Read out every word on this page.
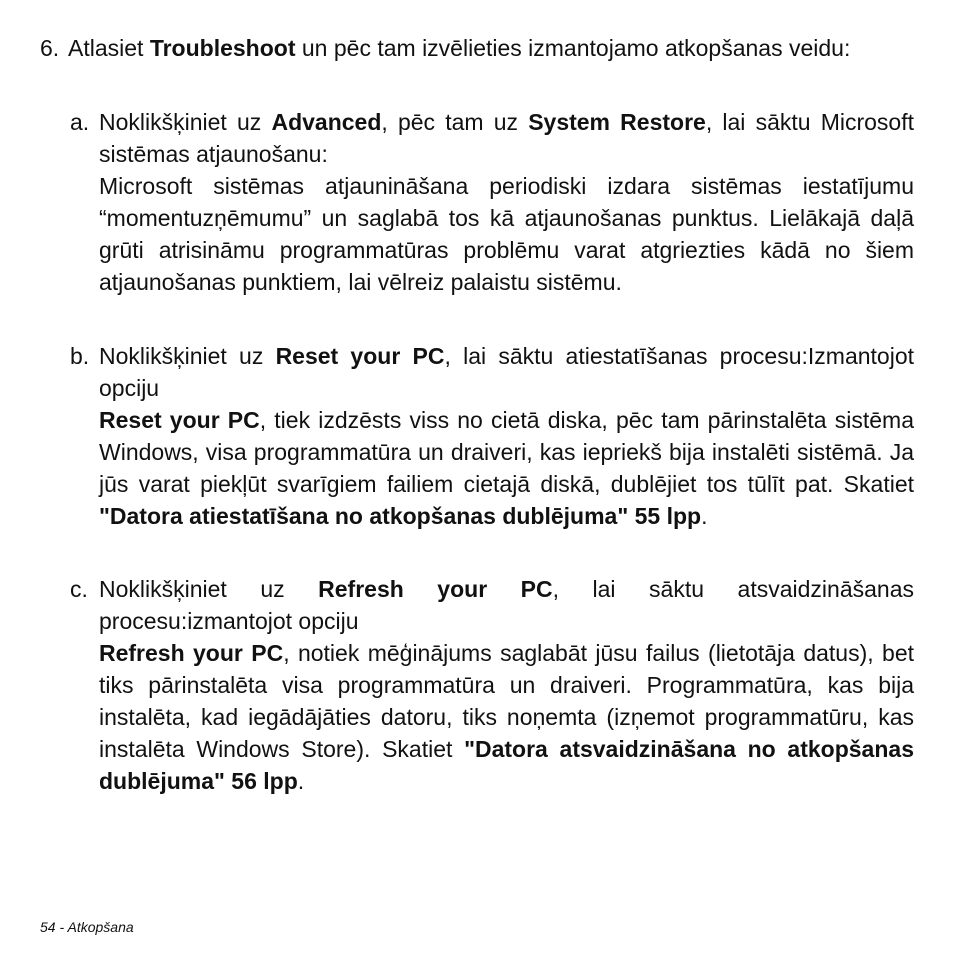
6. Atlasiet Troubleshoot un pēc tam izvēlieties izmantojamo atkopšanas veidu:
a. Noklikšķiniet uz Advanced, pēc tam uz System Restore, lai sāktu Microsoft sistēmas atjaunošanu:
Microsoft sistēmas atjaunināšana periodiski izdara sistēmas iestatījumu “momentuzņēmumu” un saglabā tos kā atjaunošanas punktus. Lielākajā daļā grūti atrisināmu programmatūras problēmu varat atgriezties kādā no šiem atjaunošanas punktiem, lai vēlreiz palaistu sistēmu.
b. Noklikšķiniet uz Reset your PC, lai sāktu atiestatīšanas procesu:Izmantojot opciju
Reset your PC, tiek izdzēsts viss no cietā diska, pēc tam pārinstalēta sistēma Windows, visa programmatūra un draiveri, kas iepriekš bija instalēti sistēmā. Ja jūs varat piekļūt svarīgiem failiem cietajā diskā, dublējiet tos tūlīt pat. Skatiet "Datora atiestatīšana no atkopšanas dublējuma" 55 lpp.
c. Noklikšķiniet uz Refresh your PC, lai sāktu atsvaidzināšanas procesu:izmantojot opciju
Refresh your PC, notiek mēģinājums saglabāt jūsu failus (lietotāja datus), bet tiks pārinstalēta visa programmatūra un draiveri. Programmatūra, kas bija instalēta, kad iegādājāties datoru, tiks noņemta (izņemot programmatūru, kas instalēta Windows Store). Skatiet "Datora atsvaidzināšana no atkopšanas dublējuma" 56 lpp.
54 - Atkopšana
